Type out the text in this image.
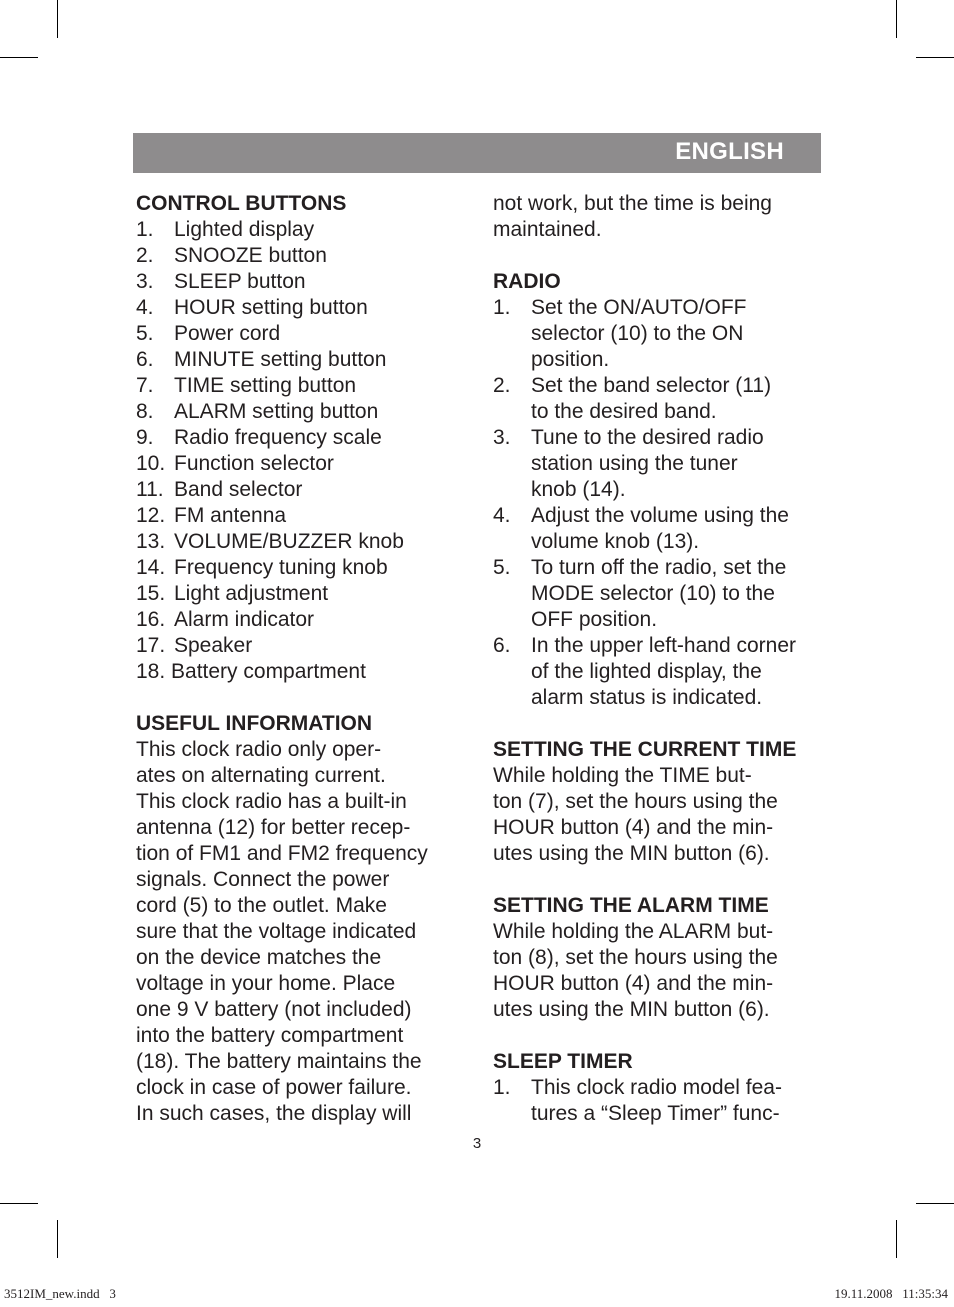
ENGLISH
CONTROL BUTTONS
1. Lighted display
2. SNOOZE button
3. SLEEP button
4. HOUR setting button
5. Power cord
6. MINUTE setting button
7. TIME setting button
8. ALARM setting button
9. Radio frequency scale
10. Function selector
11. Band selector
12. FM antenna
13. VOLUME/BUZZER knob
14. Frequency tuning knob
15. Light adjustment
16. Alarm indicator
17. Speaker
18. Battery compartment
USEFUL INFORMATION
This clock radio only oper-
ates on alternating current.
This clock radio has a built-in
antenna (12) for better recep-
tion of FM1 and FM2 frequency
signals. Connect the power
cord (5) to the outlet. Make
sure that the voltage indicated
on the device matches the
voltage in your home. Place
one 9 V battery (not included)
into the battery compartment
(18). The battery maintains the
clock in case of power failure.
In such cases, the display will
not work, but the time is being
maintained.
RADIO
1. Set the ON/AUTO/OFF
selector (10) to the ON
position.
2. Set the band selector (11)
to the desired band.
3. Tune to the desired radio
station using the tuner
knob (14).
4. Adjust the volume using the
volume knob (13).
5. To turn off the radio, set the
MODE selector (10) to the
OFF position.
6. In the upper left-hand corner
of the lighted display, the
alarm status is indicated.
SETTING THE CURRENT TIME
While holding the TIME but-
ton (7), set the hours using the
HOUR button (4) and the min-
utes using the MIN button (6).
SETTING THE ALARM TIME
While holding the ALARM but-
ton (8), set the hours using the
HOUR button (4) and the min-
utes using the MIN button (6).
SLEEP TIMER
1. This clock radio model fea-
tures a “Sleep Timer” func-
3
3512IM_new.indd   3	19.11.2008   11:35:34
